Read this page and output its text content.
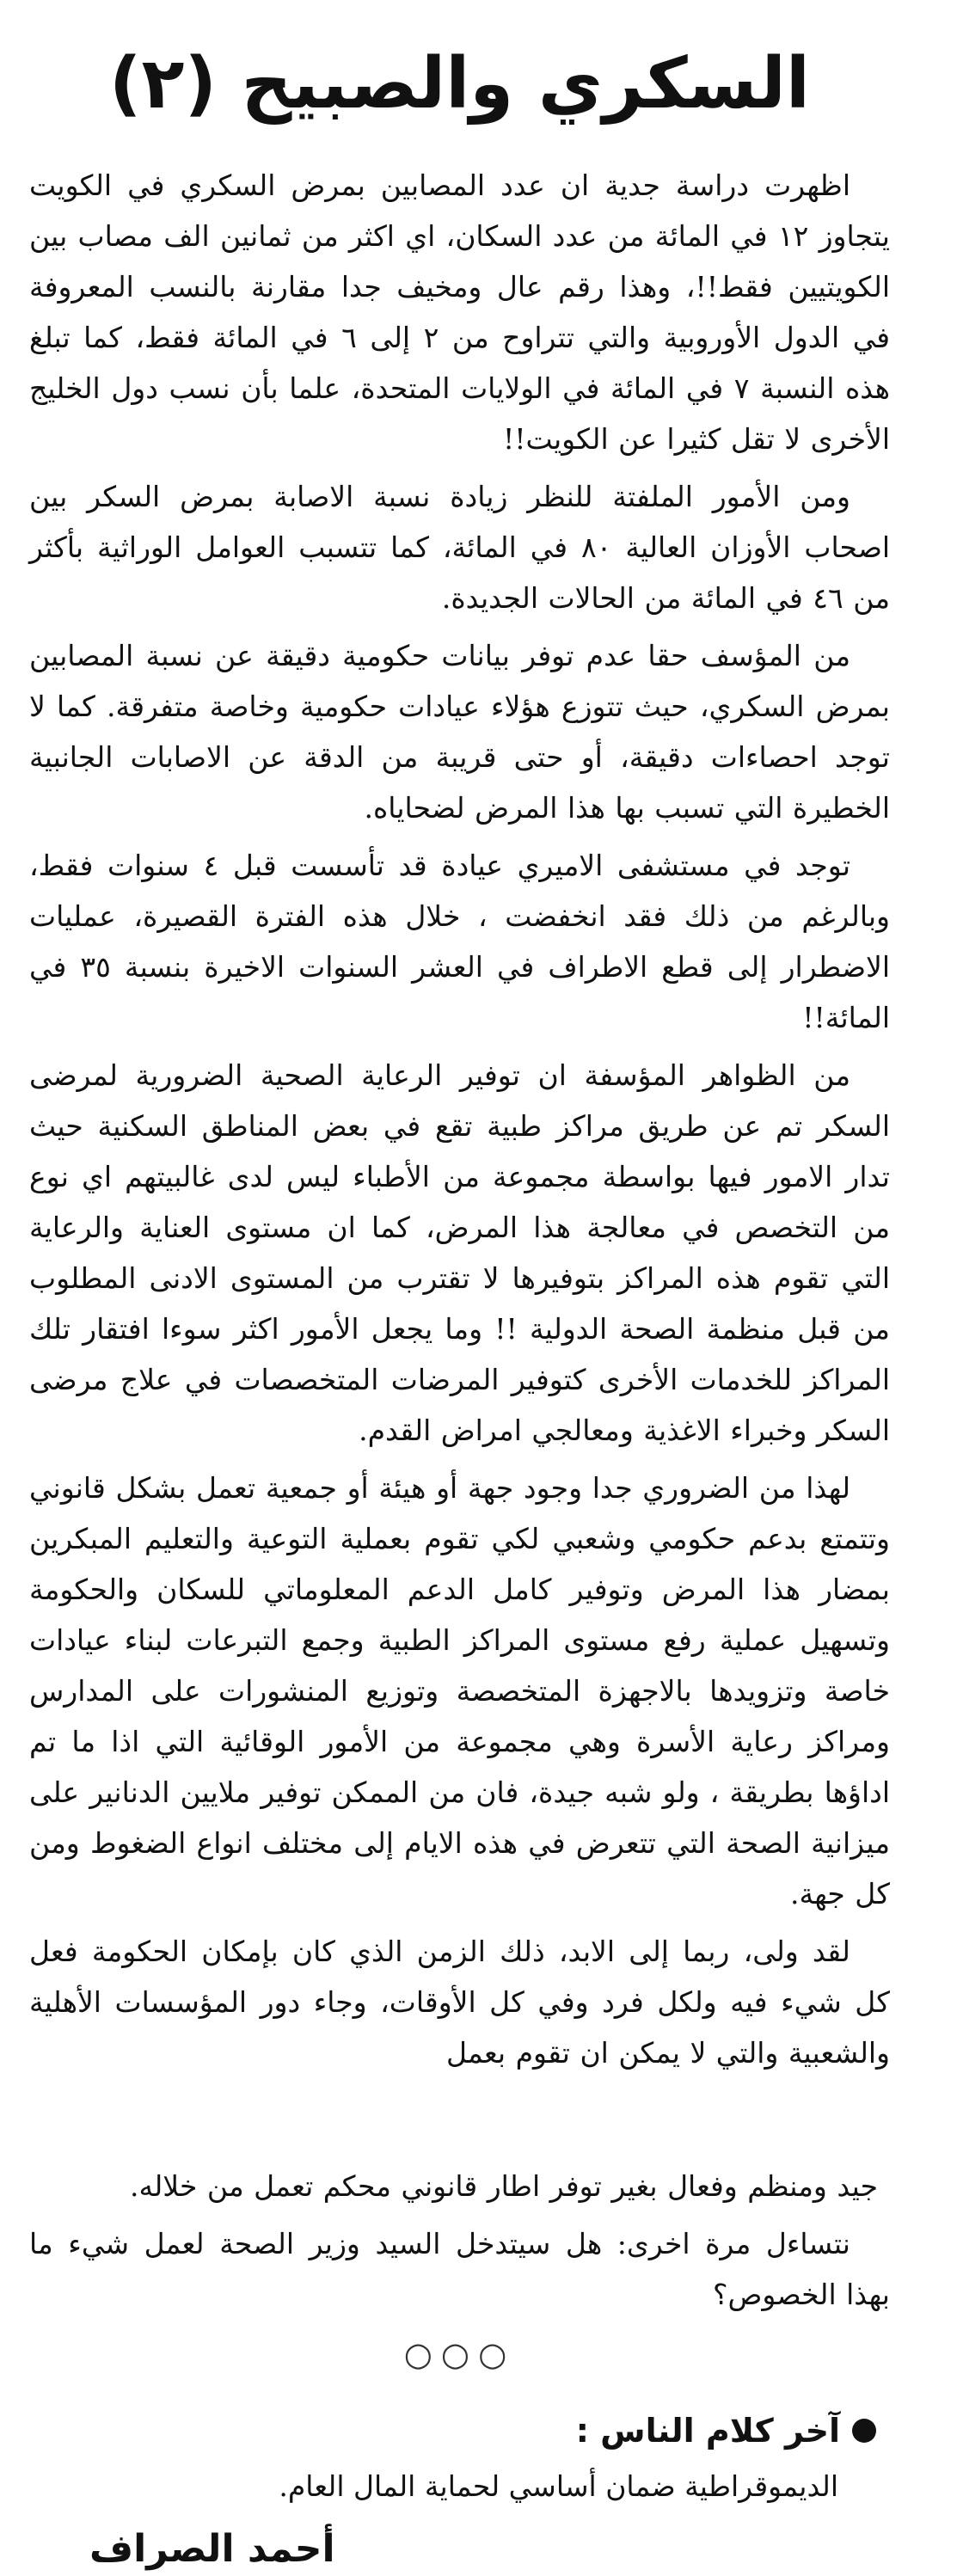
السكري والصبيح (٢)

اظهرت دراسة جدية ان عدد المصابين بمرض السكري في الكويت يتجاوز ١٢ في المائة من عدد السكان، اي اكثر من ثمانين الف مصاب بين الكويتيين فقط!!، وهذا رقم عال ومخيف جدا مقارنة بالنسب المعروفة في الدول الأوروبية والتي تتراوح من ٢ إلى ٦ في المائة فقط، كما تبلغ هذه النسبة ٧ في المائة في الولايات المتحدة، علما بأن نسب دول الخليج الأخرى لا تقل كثيرا عن الكويت!!

ومن الأمور الملفتة للنظر زيادة نسبة الاصابة بمرض السكر بين اصحاب الأوزان العالية ٨٠ في المائة، كما تتسبب العوامل الوراثية بأكثر من ٤٦ في المائة من الحالات الجديدة.

من المؤسف حقا عدم توفر بيانات حكومية دقيقة عن نسبة المصابين بمرض السكري، حيث تتوزع هؤلاء عيادات حكومية وخاصة متفرقة. كما لا توجد احصاءات دقيقة، أو حتى قريبة من الدقة عن الاصابات الجانبية الخطيرة التي تسبب بها هذا المرض لضحاياه.

توجد في مستشفى الاميري عيادة قد تأسست قبل ٤ سنوات فقط، وبالرغم من ذلك فقد انخفضت ، خلال هذه الفترة القصيرة، عمليات الاضطرار إلى قطع الاطراف في العشر السنوات الاخيرة بنسبة ٣٥ في المائة!!

من الظواهر المؤسفة ان توفير الرعاية الصحية الضرورية لمرضى السكر تم عن طريق مراكز طبية تقع في بعض المناطق السكنية حيث تدار الامور فيها بواسطة مجموعة من الأطباء ليس لدى غالبيتهم اي نوع من التخصص في معالجة هذا المرض، كما ان مستوى العناية والرعاية التي تقوم هذه المراكز بتوفيرها لا تقترب من المستوى الادنى المطلوب من قبل منظمة الصحة الدولية !! وما يجعل الأمور اكثر سوءا افتقار تلك المراكز للخدمات الأخرى كتوفير المرضات المتخصصات في علاج مرضى السكر وخبراء الاغذية ومعالجي امراض القدم.

لهذا من الضروري جدا وجود جهة أو هيئة أو جمعية تعمل بشكل قانوني وتتمتع بدعم حكومي وشعبي لكي تقوم بعملية التوعية والتعليم المبكرين بمضار هذا المرض وتوفير كامل الدعم المعلوماتي للسكان والحكومة وتسهيل عملية رفع مستوى المراكز الطبية وجمع التبرعات لبناء عيادات خاصة وتزويدها بالاجهزة المتخصصة وتوزيع المنشورات على المدارس ومراكز رعاية الأسرة وهي مجموعة من الأمور الوقائية التي اذا ما تم اداؤها بطريقة ، ولو شبه جيدة، فان من الممكن توفير ملايين الدنانير على ميزانية الصحة التي تتعرض في هذه الايام إلى مختلف انواع الضغوط ومن كل جهة.

لقد ولى، ربما إلى الابد، ذلك الزمن الذي كان بإمكان الحكومة فعل كل شيء فيه ولكل فرد وفي كل الأوقات، وجاء دور المؤسسات الأهلية والشعبية والتي لا يمكن ان تقوم بعمل

جيد ومنظم وفعال بغير توفر اطار قانوني محكم تعمل من خلاله.

نتساءل مرة اخرى: هل سيتدخل السيد وزير الصحة لعمل شيء ما بهذا الخصوص؟

○○○
آخر كلام الناس :

الديموقراطية ضمان أساسي لحماية المال العام.

أحمد الصراف
